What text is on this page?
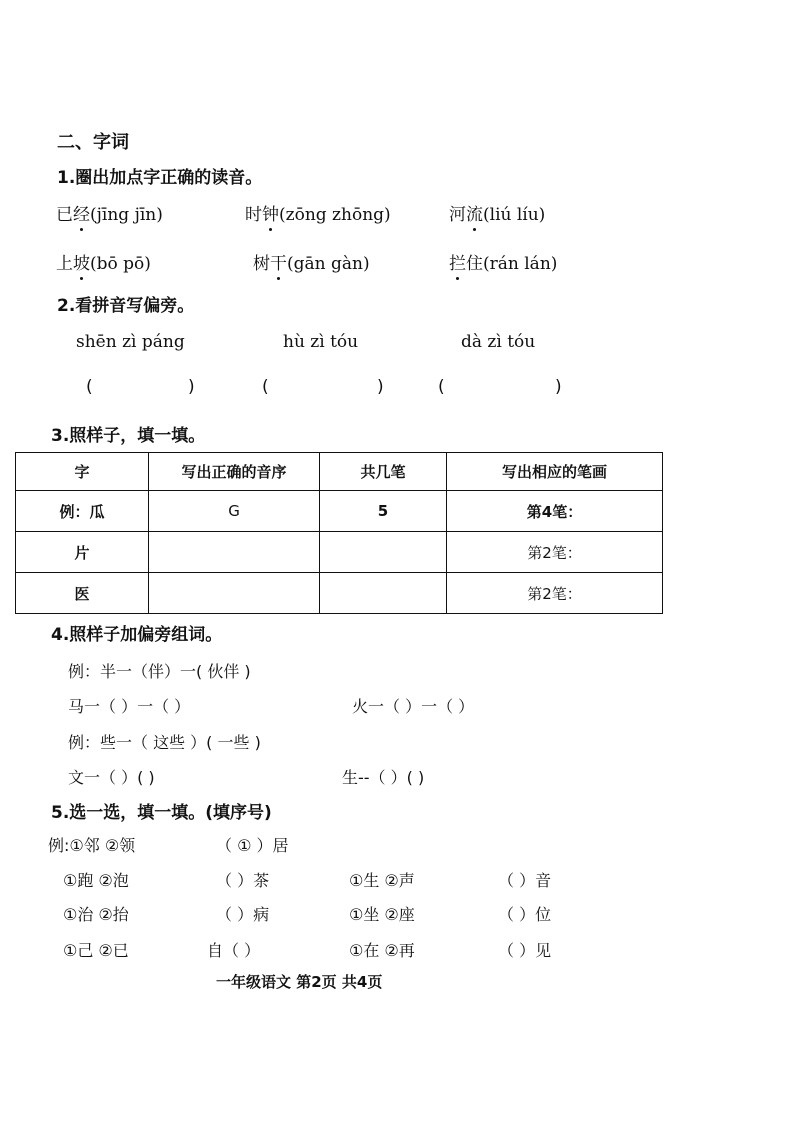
二、字词
1.圈出加点字正确的读音。
已经(jīng jīn)	时钟(zōng zhōng)	河流(liú líu)
上坡(bō pō)	树干(gān gàn)	拦住(rán lán)
2.看拼音写偏旁。
shēn zì páng	hù zì tóu	dà zì tóu
(	)	(	)	(	)
3.照样子，填一填。
字	写出正确的音序	共几笔	写出相应的笔画
例：瓜	G	5	第4笔：
片			第2笔：
医			第2笔：
4.照样子加偏旁组词。
例：半一（伴）一( 伙伴 )
马一（ ）一（ ）	火一（ ）一（ ）
例：些一（ 这些 ）( 一些 )
文一（ ）( )	生--（ ）( )
5.选一选，填一填。(填序号)
例:①邻 ②领	（ ① ）居
①跑 ②泡	（ ）茶	①生 ②声	（ ）音
①治 ②抬	（ ）病	①坐 ②座	（ ）位
①己 ②已	自（ ）	①在 ②再	（ ）见
一年级语文 第2页 共4页
